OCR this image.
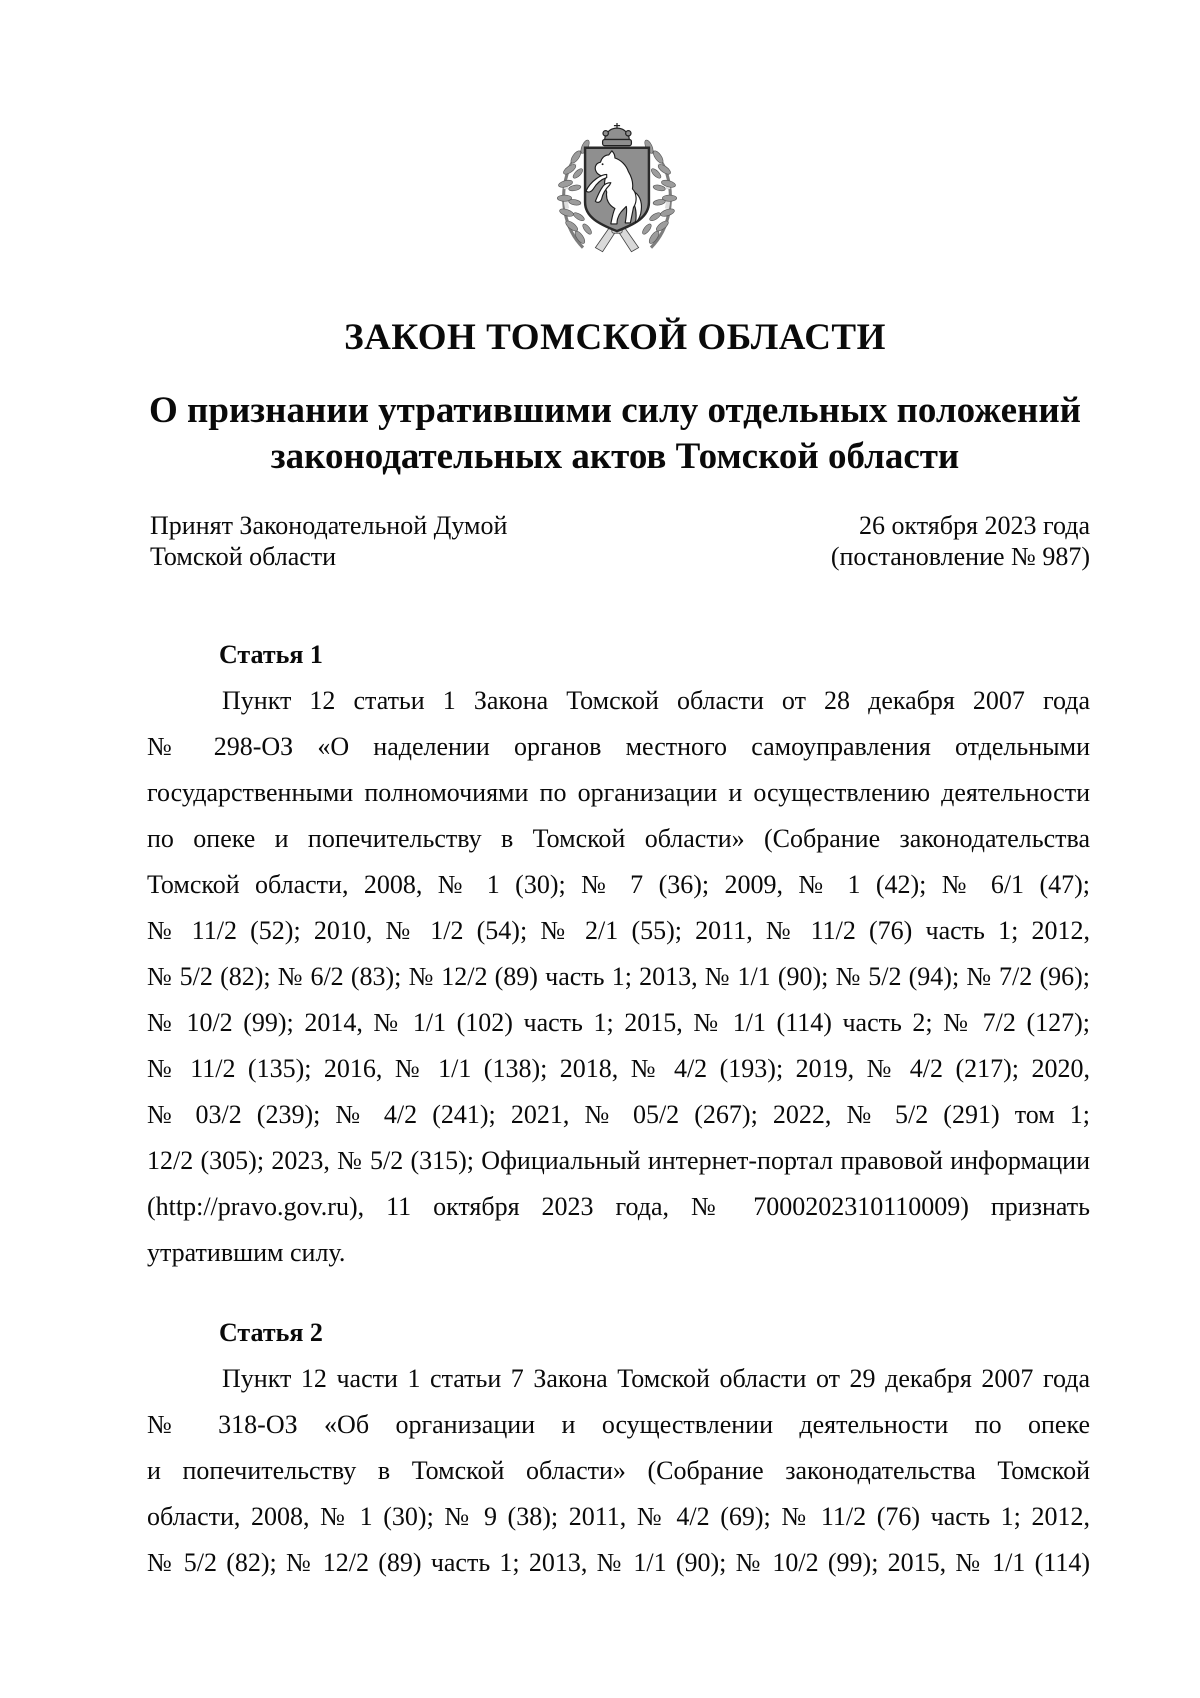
ЗАКОН ТОМСКОЙ ОБЛАСТИ
О признании утратившими силу отдельных положений
законодательных актов Томской области
Принят Законодательной Думой
Томской области
26 октября 2023 года
(постановление № 987)
Статья 1
Пункт 12 статьи 1 Закона Томской области от 28 декабря 2007 года
№ 298-ОЗ «О наделении органов местного самоуправления отдельными
государственными полномочиями по организации и осуществлению деятельности
по опеке и попечительству в Томской области» (Собрание законодательства
Томской области, 2008, № 1 (30); № 7 (36); 2009, № 1 (42); № 6/1 (47);
№ 11/2 (52); 2010, № 1/2 (54); № 2/1 (55); 2011, № 11/2 (76) часть 1; 2012,
№ 5/2 (82); № 6/2 (83); № 12/2 (89) часть 1; 2013, № 1/1 (90); № 5/2 (94); № 7/2 (96);
№ 10/2 (99); 2014, № 1/1 (102) часть 1; 2015, № 1/1 (114) часть 2; № 7/2 (127);
№ 11/2 (135); 2016, № 1/1 (138); 2018, № 4/2 (193); 2019, № 4/2 (217); 2020,
№ 03/2 (239); № 4/2 (241); 2021, № 05/2 (267); 2022, № 5/2 (291) том 1;
12/2 (305); 2023, № 5/2 (315); Официальный интернет-портал правовой информации
(http://pravo.gov.ru), 11 октября 2023 года, № 7000202310110009) признать
утратившим силу.
Статья 2
Пункт 12 части 1 статьи 7 Закона Томской области от 29 декабря 2007 года
№ 318-ОЗ «Об организации и осуществлении деятельности по опеке
и попечительству в Томской области» (Собрание законодательства Томской
области, 2008, № 1 (30); № 9 (38); 2011, № 4/2 (69); № 11/2 (76) часть 1; 2012,
№ 5/2 (82); № 12/2 (89) часть 1; 2013, № 1/1 (90); № 10/2 (99); 2015, № 1/1 (114)
